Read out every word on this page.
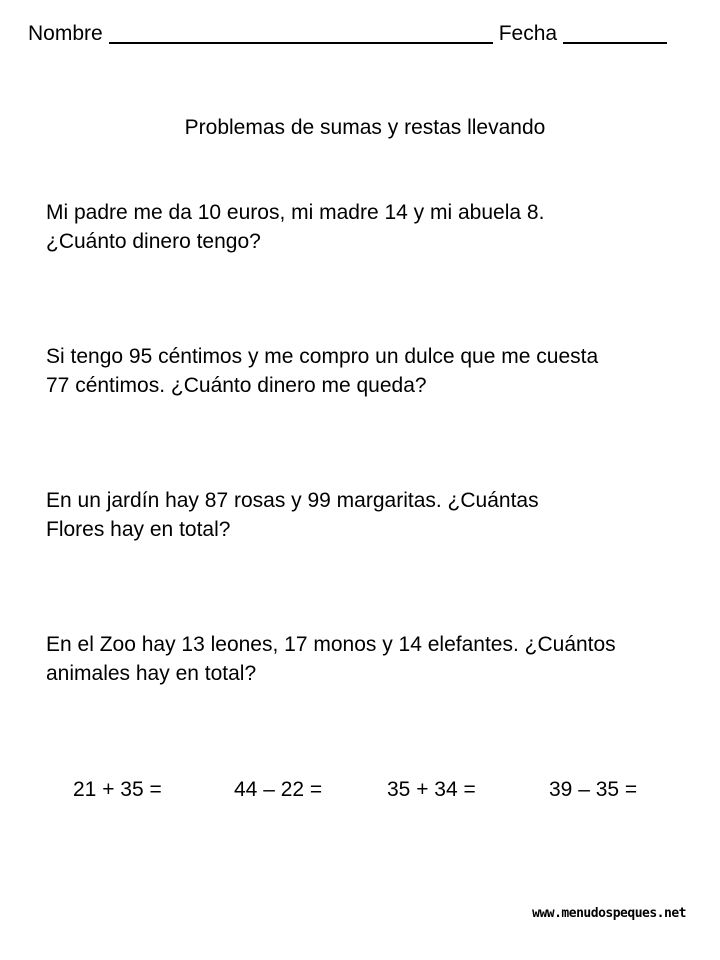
Nombre	Fecha
Problemas de sumas y restas llevando
Mi padre me da 10 euros, mi madre 14 y mi abuela 8.
¿Cuánto dinero tengo?
Si tengo 95 céntimos y me compro un dulce que me cuesta
77 céntimos. ¿Cuánto dinero me queda?
En un jardín hay 87 rosas y 99 margaritas. ¿Cuántas
Flores hay en total?
En el Zoo hay 13 leones, 17 monos y 14 elefantes. ¿Cuántos
animales hay en total?
21 + 35 =	44 – 22 =	35 + 34 =	39 – 35 =
www.menudospeques.net
